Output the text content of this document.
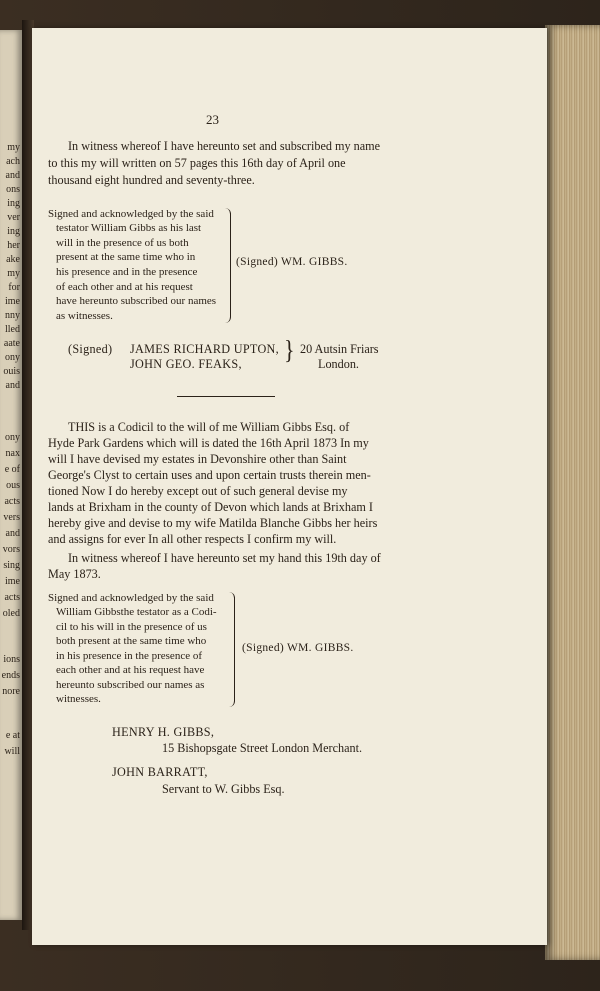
my
ach
and
ons
ing
ver
ing
her
ake
my
for
ime
nny
lled
aate
ony
ouis
and
ony
nax
e of
ous
acts
vers
and
vors
sing
ime
acts
oled
ions
ends
nore
e at
will
23
In witness whereof I have hereunto set and subscribed my name
to this my will written on 57 pages this 16th day of April one
thousand eight hundred and seventy-three.
Signed and acknowledged by the said
testator William Gibbs as his last
will in the presence of us both
present at the same time who in
his presence and in the presence
of each other and at his request
have hereunto subscribed our names
as witnesses.
(Signed) WM. GIBBS.
(Signed) JAMES RICHARD UPTON,
JOHN GEO. FEAKS, } 20 Autsin Friars
London.
THIS is a Codicil to the will of me William Gibbs Esq. of
Hyde Park Gardens which will is dated the 16th April 1873 In my
will I have devised my estates in Devonshire other than Saint
George's Clyst to certain uses and upon certain trusts therein men-
tioned Now I do hereby except out of such general devise my
lands at Brixham in the county of Devon which lands at Brixham I
hereby give and devise to my wife Matilda Blanche Gibbs her heirs
and assigns for ever In all other respects I confirm my will.
In witness whereof I have hereunto set my hand this 19th day of
May 1873.
Signed and acknowledged by the said
William Gibbsthe testator as a Codi-
cil to his will in the presence of us
both present at the same time who
in his presence in the presence of
each other and at his request have
hereunto subscribed our names as
witnesses.
(Signed) WM. GIBBS.
HENRY H. GIBBS,
15 Bishopsgate Street London Merchant.
JOHN BARRATT,
Servant to W. Gibbs Esq.
